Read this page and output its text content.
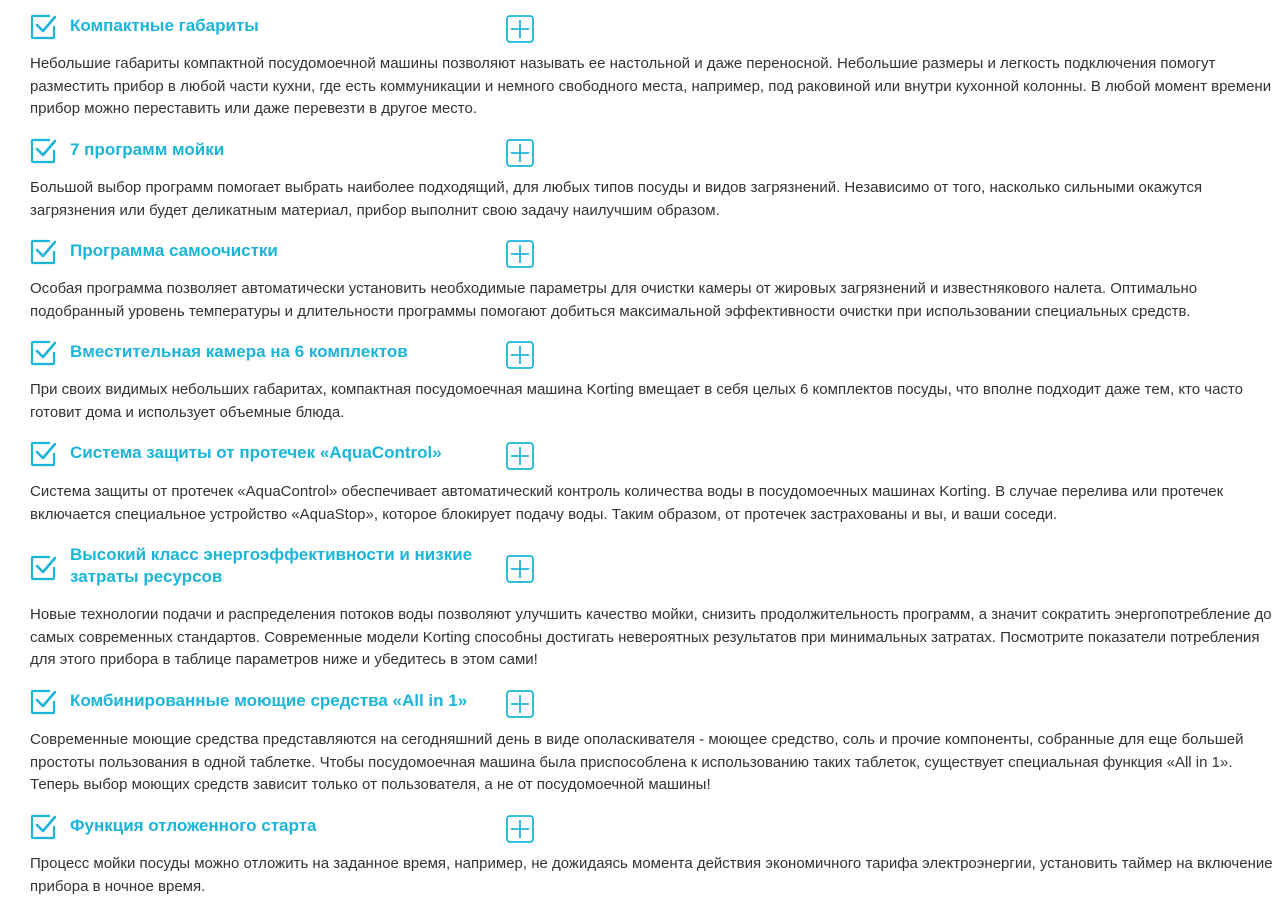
Компактные габариты

Небольшие габариты компактной посудомоечной машины позволяют называть ее настольной и даже переносной. Небольшие размеры и легкость подключения помогут разместить прибор в любой части кухни, где есть коммуникации и немного свободного места, например, под раковиной или внутри кухонной колонны. В любой момент времени прибор можно переставить или даже перевезти в другое место.

7 программ мойки

Большой выбор программ помогает выбрать наиболее подходящий, для любых типов посуды и видов загрязнений. Независимо от того, насколько сильными окажутся загрязнения или будет деликатным материал, прибор выполнит свою задачу наилучшим образом.

Программа самоочистки

Особая программа позволяет автоматически установить необходимые параметры для очистки камеры от жировых загрязнений и известнякового налета. Оптимально подобранный уровень температуры и длительности программы помогают добиться максимальной эффективности очистки при использовании специальных средств.

Вместительная камера на 6 комплектов

При своих видимых небольших габаритах, компактная посудомоечная машина Korting вмещает в себя целых 6 комплектов посуды, что вполне подходит даже тем, кто часто готовит дома и использует объемные блюда.

Система защиты от протечек «AquaControl»

Система защиты от протечек «AquaControl» обеспечивает автоматический контроль количества воды в посудомоечных машинах Korting. В случае перелива или протечек включается специальное устройство «AquaStop», которое блокирует подачу воды. Таким образом, от протечек застрахованы и вы, и ваши соседи.

Высокий класс энергоэффективности и низкие затраты ресурсов

Новые технологии подачи и распределения потоков воды позволяют улучшить качество мойки, снизить продолжительность программ, а значит сократить энергопотребление до самых современных стандартов. Современные модели Korting способны достигать невероятных результатов при минимальных затратах. Посмотрите показатели потребления для этого прибора в таблице параметров ниже и убедитесь в этом сами!

Комбинированные моющие средства «All in 1»

Современные моющие средства представляются на сегодняшний день в виде ополаскивателя - моющее средство, соль и прочие компоненты, собранные для еще большей простоты пользования в одной таблетке. Чтобы посудомоечная машина была приспособлена к использованию таких таблеток, существует специальная функция «All in 1». Теперь выбор моющих средств зависит только от пользователя, а не от посудомоечной машины!

Функция отложенного старта

Процесс мойки посуды можно отложить на заданное время, например, не дожидаясь момента действия экономичного тарифа электроэнергии, установить таймер на включение прибора в ночное время.
